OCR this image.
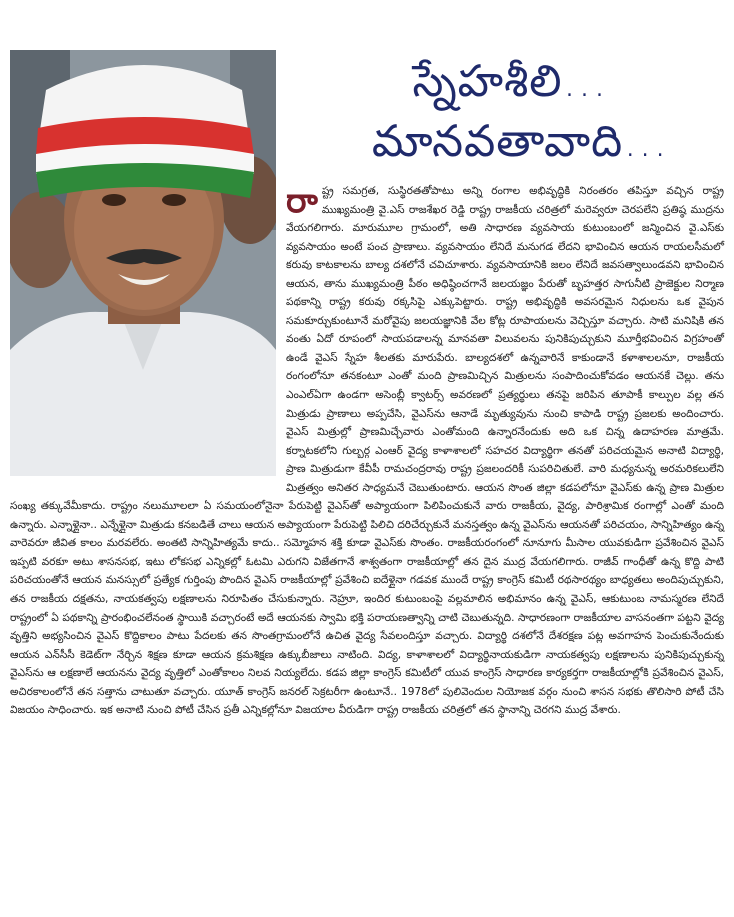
స్నేహశీలి...
మానవతావాది...

రాష్ట్ర సమగ్రత, సుస్థిరతతోపాటు అన్ని రంగాల అభివృద్ధికి నిరంతరం తపిస్తూ వచ్చిన రాష్ట్ర ముఖ్యమంత్రి వై.ఎస్ రాజశేఖర రెడ్డి రాష్ట్ర రాజకీయ చరిత్రలో మరెవ్వరూ చెరపలేని ప్రతిష్ఠ ముద్రను వేయగలిగారు. మారుమూల గ్రామంలో, అతి సాధారణ వ్యవసాయ కుటుంబంలో జన్మించిన వై.ఎస్‌కు వ్యవసాయం అంటే పంచ ప్రాణాలు. వ్యవసాయం లేనిదే మనుగడ లేదని భావించిన ఆయన రాయలసీమలో కరువు కాటకాలను బాల్య దశలోనే చవిచూశారు. వ్యవసాయానికి జలం లేనిదే జవసత్వాలుండవని భావించిన ఆయన, తాను ముఖ్యమంత్రి పీఠం అధిష్ఠించగానే జలయజ్ఞం పేరుతో బృహత్తర సాగునీటి ప్రాజెక్టుల నిర్మాణ పథకాన్ని రాష్ట్ర కరువు రక్కసిపై ఎక్కుపెట్టారు. రాష్ట్ర అభివృద్ధికి అవసరమైన నిధులను ఒక వైపున సమకూర్చుకుంటూనే మరోవైపు జలయజ్ఞానికి వేల కోట్ల రూపాయలను వెచ్చిస్తూ వచ్చారు. సాటి మనిషికి తన వంతు ఏదో రూపంలో సాయపడాలన్న మానవతా విలువలను పునికిపుచ్చుకుని మూర్తీభవించిన విగ్రహంతో ఉండే వైఎస్ స్నేహ శీలతకు మారుపేరు. బాల్యదశలో ఉన్నవారినే కాకుండానే కళాశాలలనూ, రాజకీయ రంగంలోనూ తనకంటూ ఎంతో మంది ప్రాణమిచ్చిన మిత్రులను సంపాదించుకోవడం ఆయనకే చెల్లు. తను ఎంఎల్‌ఏగా ఉండగా అసెంబ్లీ క్వాటర్స్ అవరణలో ప్రత్యర్థులు తనపై జరిపిన తూపాకీ కాల్పుల వల్ల తన మిత్రుడు ప్రాణాలు అప్పచేసి, వైఎస్‌ను ఆనాడే మృత్యువును నుంచి కాపాడి రాష్ట్ర ప్రజలకు అందించారు. వైఎస్ మిత్రుల్లో ప్రాణమిచ్చేవారు ఎంతోమంది ఉన్నారనేందుకు అది ఒక చిన్న ఉదాహరణ మాత్రమే. కర్నాటకలోని గుల్బర్గ ఎంఆర్ వైద్య కాళాశాలలో సహచర విద్యార్థిగా తనతో పరిచయమైన అనాటి విద్యార్థి, ప్రాణ మిత్రుడుగా కేవీపీ రామచంద్రరావు రాష్ట్ర ప్రజలందరికీ సుపరిచితులే. వారి మధ్యనున్న అరమరికలులేని మిత్రత్వం అనితర సాధ్యమనే చెబుతుంటారు. ఆయన సొంత జిల్లా కడపలోనూ వైఎస్‌కు ఉన్న ప్రాణ మిత్రుల సంఖ్య తక్కువేమీకాదు. రాష్ట్రం నలుమూలలా ఏ సమయంలోనైనా పేరుపెట్టి వైఎస్‌తో అప్యాయంగా పిలిపించుకునే వారు రాజకీయ, వైద్య, పారిశ్రామిక రంగాల్లో ఎంతో మంది ఉన్నారు. ఎన్నాళ్లైనా.. ఎన్నేళ్లైనా మిత్రుడు కనబడితే చాలు ఆయన అప్యాయంగా పేరుపెట్టి పిలిచి దరిచేర్చుకునే మనస్తత్వం ఉన్న వైఎస్‌ను ఆయనతో పరిచయం, సాన్నిహిత్యం ఉన్న వారెవరూ జీవిత కాలం మరవలేరు. అంతటి సాన్నిహిత్యమే కాదు.. సమ్మోహన శక్తి కూడా వైఎస్‌కు సొంతం. రాజకీయరంగంలో నూనూగు మీసాల యువకుడిగా ప్రవేశించిన వైఎస్ ఇప్పటి వరకూ అటు శాసనసభ, ఇటు లోకసభ ఎన్నికల్లో ఓటమి ఎరుగని విజేతగానే శాశ్వతంగా రాజకీయాల్లో తన దైన ముద్ర వేయగలిగారు. రాజీవ్ గాంధీతో ఉన్న కొద్ది పాటి పరిచయంతోనే ఆయన మనస్సులో ప్రత్యేక గుర్తింపు పొందిన వైఎస్ రాజకీయాల్లో ప్రవేశించి ఐదేళ్లైనా గడవక ముందే రాష్ట్ర కాంగ్రెస్ కమిటీ రథసారథ్యం బాధ్యతలు అందిపుచ్చుకుని, తన రాజకీయ దక్షతను, నాయకత్వపు లక్షణాలను నిరూపితం చేసుకున్నారు. నెహ్రూ, ఇందిర కుటుంబంపై వల్లమాలిన అభిమానం ఉన్న వైఎస్, ఆకుటుంబ నామస్మరణ లేనిదే రాష్ట్రంలో ఏ పథకాన్ని ప్రారంభించలేనంత స్థాయికి వచ్చారంటే అదే ఆయనకు స్వామి భక్తి పరాయణత్వాన్ని చాటి చెబుతున్నది. సాధారణంగా రాజకీయాల వాసనంతగా పట్టని వైద్య వృత్తిని అభ్యసించిన వైఎస్ కొద్దికాలం పాటు పేదలకు తన సొంతగ్రామంలోనే ఉచిత వైద్య సేవలందిస్తూ వచ్చారు. విద్యార్థి దశలోనే దేశరక్షణ పట్ల అవగాహన పెంచుకునేందుకు ఆయన ఎన్‌సీసీ కెడెట్‌గా నేర్చిన శిక్షణ కూడా ఆయన క్రమశిక్షణ ఉక్కుబీజాలు నాటింది. విద్య, కాళాశాలలో విద్యార్థినాయకుడిగా నాయకత్వపు లక్షణాలను పునికిపుచ్చుకున్న వైఎస్‌ను ఆ లక్షణాలే ఆయనను వైద్య వృత్తిలో ఎంతోకాలం నిలవ నియ్యలేదు. కడప జిల్లా కాంగ్రెస్ కమిటీలో యువ కాంగ్రెస్ సాధారణ కార్యకర్తగా రాజకీయాల్లోకి ప్రవేశించిన వైఎస్, అచిరకాలంలోనే తన సత్తాను చాటుతూ వచ్చారు. యూత్ కాంగ్రెస్ జనరల్ సెక్రటరీగా ఉంటూనే.. 1978లో పులివెందుల నియోజక వర్గం నుంచి శాసన సభకు తొలిసారి పోటీ చేసి విజయం సాధించారు. ఇక అనాటి నుంచి పోటీ చేసిన ప్రతీ ఎన్నికల్లోనూ విజయాల వీరుడిగా రాష్ట్ర రాజకీయ చరిత్రలో తన స్థానాన్ని చెరగని ముద్ర వేశారు.
